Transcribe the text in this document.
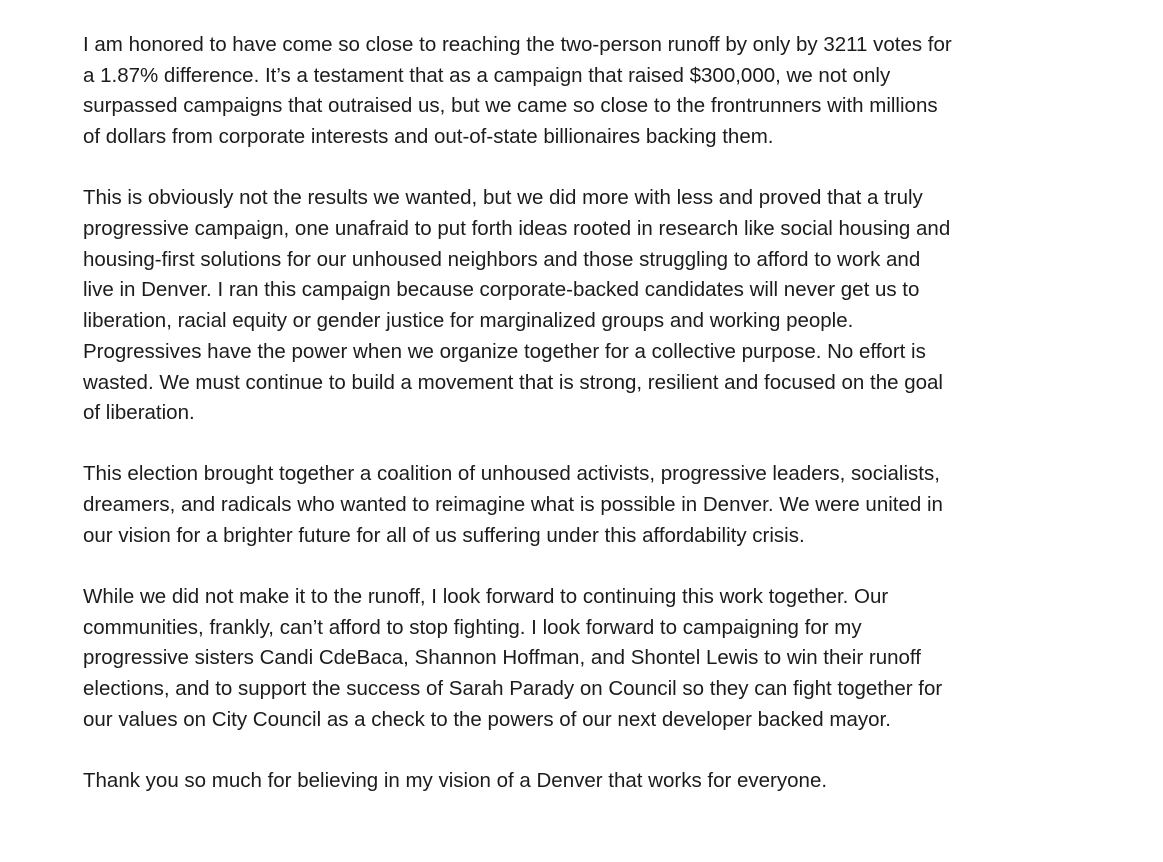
I am honored to have come so close to reaching the two-person runoff by only by 3211 votes for
a 1.87% difference. It’s a testament that as a campaign that raised $300,000, we not only
surpassed campaigns that outraised us, but we came so close to the frontrunners with millions
of dollars from corporate interests and out-of-state billionaires backing them.

This is obviously not the results we wanted, but we did more with less and proved that a truly
progressive campaign, one unafraid to put forth ideas rooted in research like social housing and
housing-first solutions for our unhoused neighbors and those struggling to afford to work and
live in Denver. I ran this campaign because corporate-backed candidates will never get us to
liberation, racial equity or gender justice for marginalized groups and working people.
Progressives have the power when we organize together for a collective purpose. No effort is
wasted. We must continue to build a movement that is strong, resilient and focused on the goal
of liberation.

This election brought together a coalition of unhoused activists, progressive leaders, socialists,
dreamers, and radicals who wanted to reimagine what is possible in Denver. We were united in
our vision for a brighter future for all of us suffering under this affordability crisis.

While we did not make it to the runoff, I look forward to continuing this work together. Our
communities, frankly, can’t afford to stop fighting. I look forward to campaigning for my
progressive sisters Candi CdeBaca, Shannon Hoffman, and Shontel Lewis to win their runoff
elections, and to support the success of Sarah Parady on Council so they can fight together for
our values on City Council as a check to the powers of our next developer backed mayor.

Thank you so much for believing in my vision of a Denver that works for everyone.
